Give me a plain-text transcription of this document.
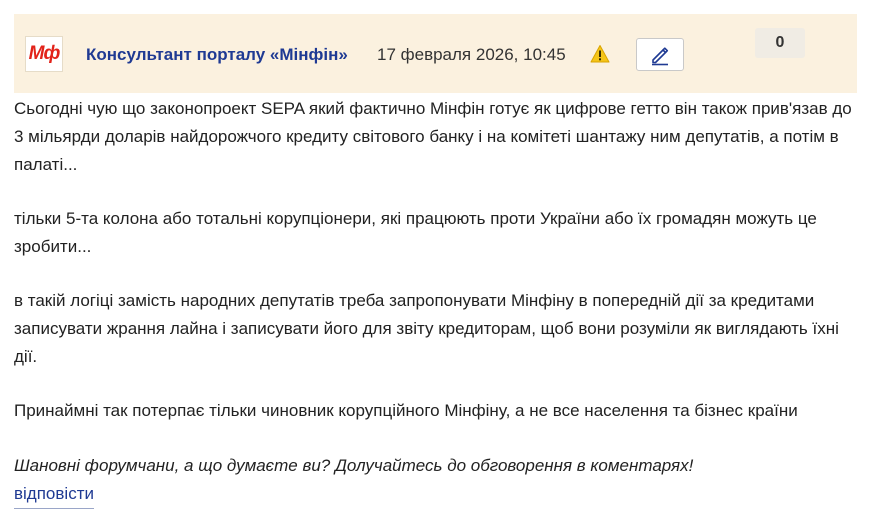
Мф Консультант порталу «Мінфін» 17 февраля 2026, 10:45
0

Сьогодні чую що законопроект SEPA який фактично Мінфін готує як цифрове гетто він також прив'язав до 3 мільярди доларів найдорожчого кредиту світового банку і на комітеті шантажу ним депутатів, а потім в палаті...

тільки 5-та колона або тотальні корупціонери, які працюють проти України або їх громадян можуть це зробити...

в такій логіці замість народних депутатів треба запропонувати Мінфіну в попередній дії за кредитами записувати жрання лайна і записувати його для звіту кредиторам, щоб вони розуміли як виглядають їхні дії.

Принаймні так потерпає тільки чиновник корупційного Мінфіну, а не все населення та бізнес країни

Шановні форумчани, а що думаєте ви? Долучайтесь до обговорення в коментарях!

відповісти
